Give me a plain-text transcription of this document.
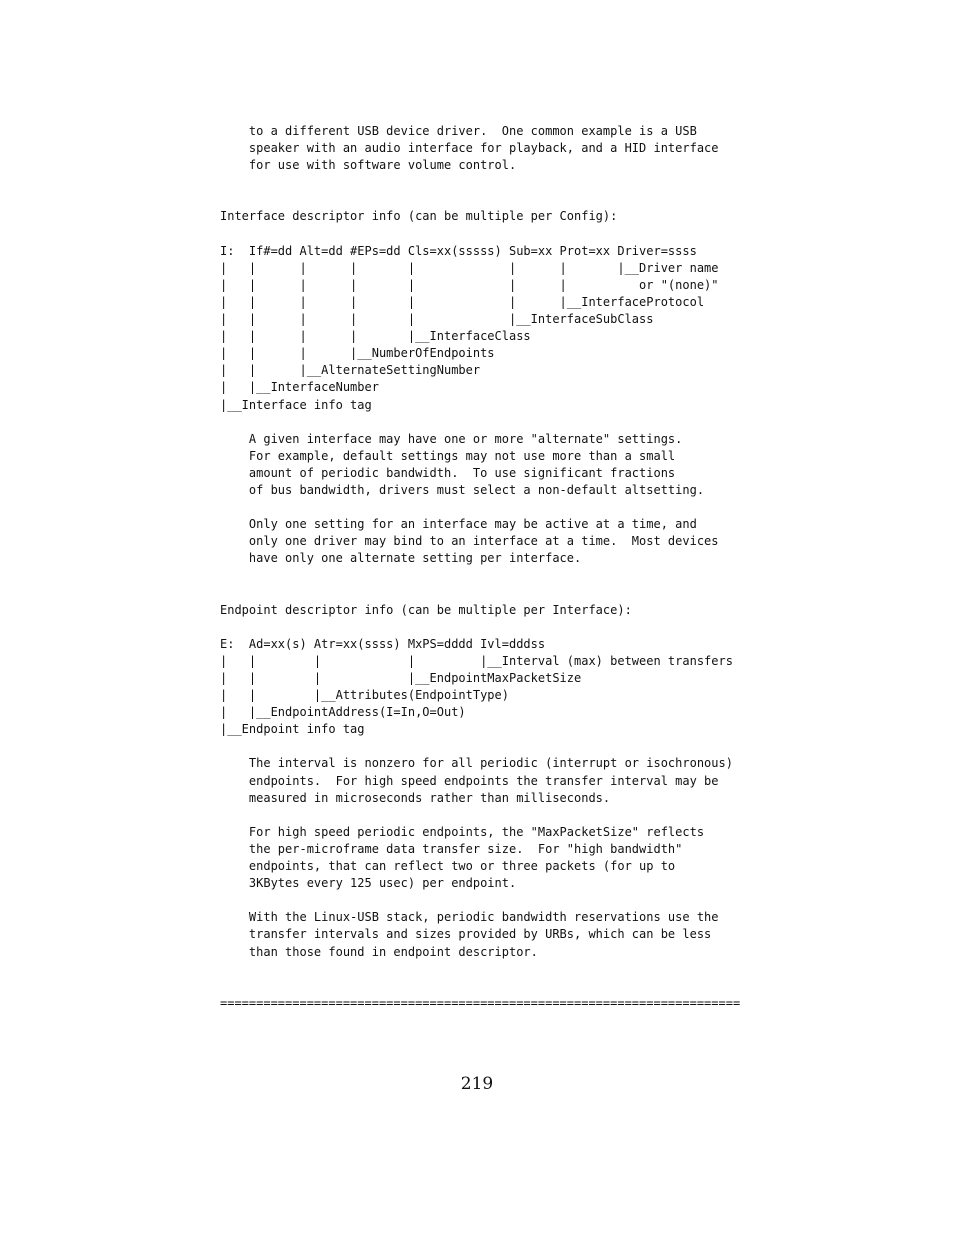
to a different USB device driver.  One common example is a USB
speaker with an audio interface for playback, and a HID interface
for use with software volume control.

Interface descriptor info (can be multiple per Config):

I:  If#=dd Alt=dd #EPs=dd Cls=xx(sssss) Sub=xx Prot=xx Driver=ssss
|   |      |      |       |             |      |       |__Driver name
|   |      |      |       |             |      |          or "(none)"
|   |      |      |       |             |      |__InterfaceProtocol
|   |      |      |       |             |__InterfaceSubClass
|   |      |      |       |__InterfaceClass
|   |      |      |__NumberOfEndpoints
|   |      |__AlternateSettingNumber
|   |__InterfaceNumber
|__Interface info tag

A given interface may have one or more "alternate" settings.
For example, default settings may not use more than a small
amount of periodic bandwidth.  To use significant fractions
of bus bandwidth, drivers must select a non-default altsetting.

Only one setting for an interface may be active at a time, and
only one driver may bind to an interface at a time.  Most devices
have only one alternate setting per interface.

Endpoint descriptor info (can be multiple per Interface):

E:  Ad=xx(s) Atr=xx(ssss) MxPS=dddd Ivl=dddss
|   |        |            |         |__Interval (max) between transfers
|   |        |            |__EndpointMaxPacketSize
|   |        |__Attributes(EndpointType)
|   |__EndpointAddress(I=In,O=Out)
|__Endpoint info tag

The interval is nonzero for all periodic (interrupt or isochronous)
endpoints.  For high speed endpoints the transfer interval may be
measured in microseconds rather than milliseconds.

For high speed periodic endpoints, the "MaxPacketSize" reflects
the per-microframe data transfer size.  For "high bandwidth"
endpoints, that can reflect two or three packets (for up to
3KBytes every 125 usec) per endpoint.

With the Linux-USB stack, periodic bandwidth reservations use the
transfer intervals and sizes provided by URBs, which can be less
than those found in endpoint descriptor.

========================================================================

219
